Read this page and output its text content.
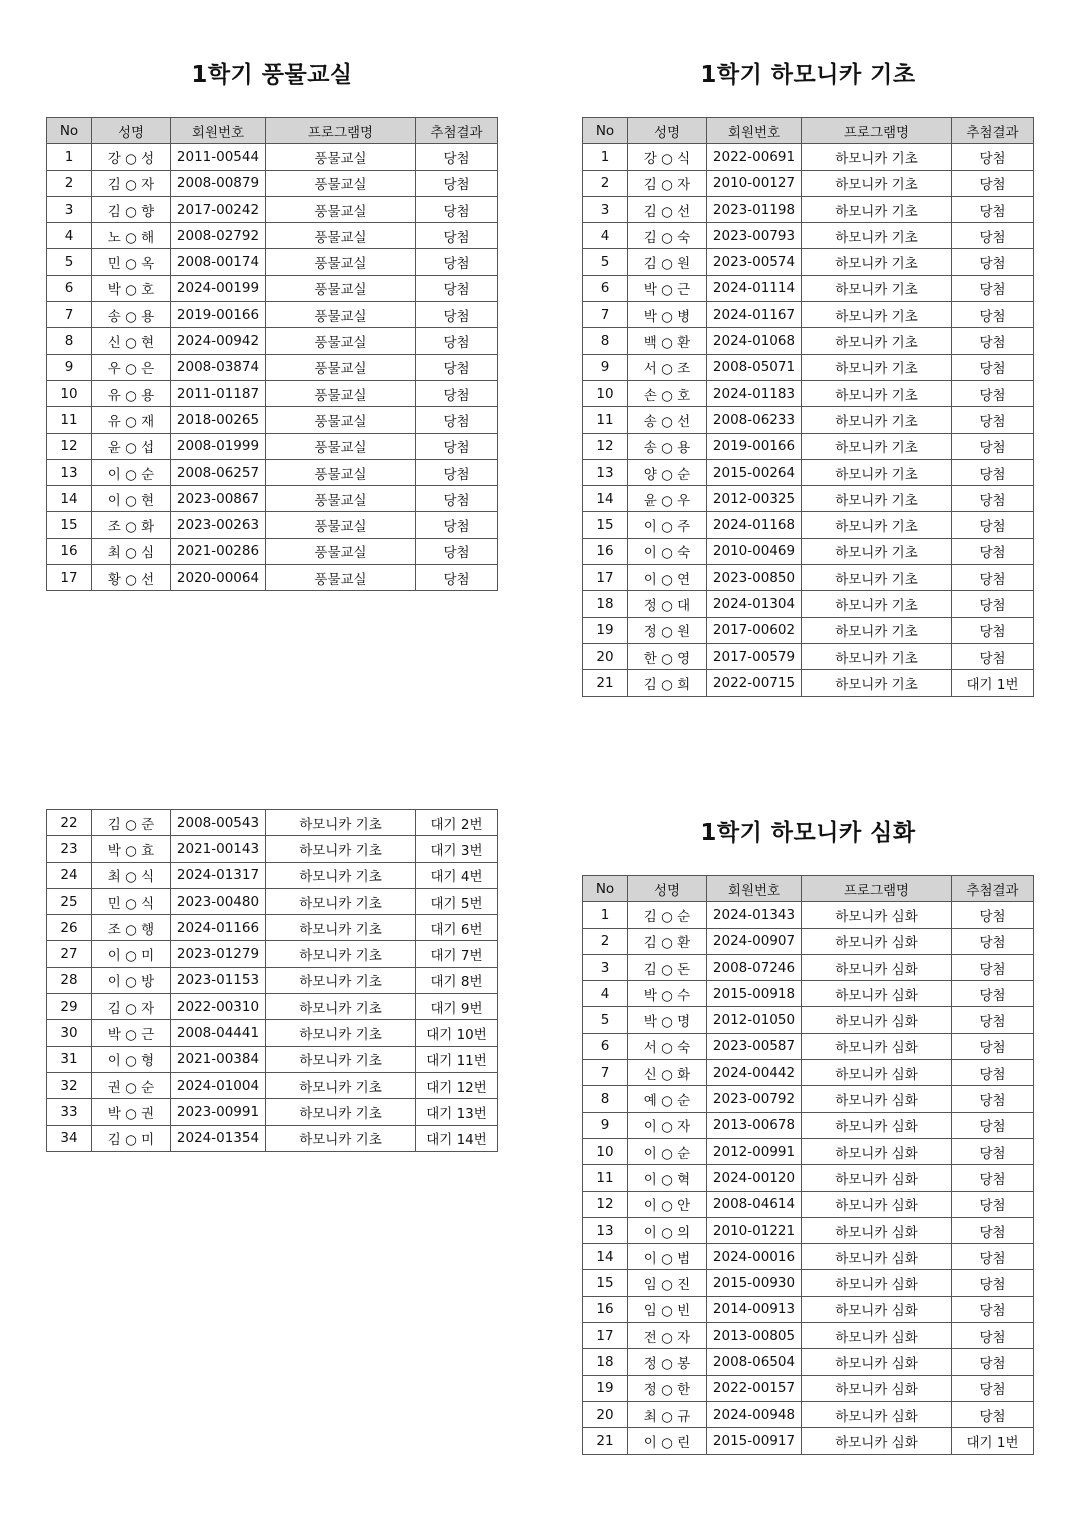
1학기 풍물교실
No	성명	회원번호	프로그램명	추첨결과
1	강 ○ 성	2011-00544	풍물교실	당첨
2	김 ○ 자	2008-00879	풍물교실	당첨
3	김 ○ 향	2017-00242	풍물교실	당첨
4	노 ○ 해	2008-02792	풍물교실	당첨
5	민 ○ 옥	2008-00174	풍물교실	당첨
6	박 ○ 호	2024-00199	풍물교실	당첨
7	송 ○ 용	2019-00166	풍물교실	당첨
8	신 ○ 현	2024-00942	풍물교실	당첨
9	우 ○ 은	2008-03874	풍물교실	당첨
10	유 ○ 용	2011-01187	풍물교실	당첨
11	유 ○ 재	2018-00265	풍물교실	당첨
12	윤 ○ 섭	2008-01999	풍물교실	당첨
13	이 ○ 순	2008-06257	풍물교실	당첨
14	이 ○ 현	2023-00867	풍물교실	당첨
15	조 ○ 화	2023-00263	풍물교실	당첨
16	최 ○ 심	2021-00286	풍물교실	당첨
17	황 ○ 선	2020-00064	풍물교실	당첨
1학기 하모니카 기초
No	성명	회원번호	프로그램명	추첨결과
1	강 ○ 식	2022-00691	하모니카 기초	당첨
2	김 ○ 자	2010-00127	하모니카 기초	당첨
3	김 ○ 선	2023-01198	하모니카 기초	당첨
4	김 ○ 숙	2023-00793	하모니카 기초	당첨
5	김 ○ 원	2023-00574	하모니카 기초	당첨
6	박 ○ 근	2024-01114	하모니카 기초	당첨
7	박 ○ 병	2024-01167	하모니카 기초	당첨
8	백 ○ 환	2024-01068	하모니카 기초	당첨
9	서 ○ 조	2008-05071	하모니카 기초	당첨
10	손 ○ 호	2024-01183	하모니카 기초	당첨
11	송 ○ 선	2008-06233	하모니카 기초	당첨
12	송 ○ 용	2019-00166	하모니카 기초	당첨
13	양 ○ 순	2015-00264	하모니카 기초	당첨
14	윤 ○ 우	2012-00325	하모니카 기초	당첨
15	이 ○ 주	2024-01168	하모니카 기초	당첨
16	이 ○ 숙	2010-00469	하모니카 기초	당첨
17	이 ○ 연	2023-00850	하모니카 기초	당첨
18	정 ○ 대	2024-01304	하모니카 기초	당첨
19	정 ○ 원	2017-00602	하모니카 기초	당첨
20	한 ○ 영	2017-00579	하모니카 기초	당첨
21	김 ○ 희	2022-00715	하모니카 기초	대기 1번
22	김 ○ 준	2008-00543	하모니카 기초	대기 2번
23	박 ○ 효	2021-00143	하모니카 기초	대기 3번
24	최 ○ 식	2024-01317	하모니카 기초	대기 4번
25	민 ○ 식	2023-00480	하모니카 기초	대기 5번
26	조 ○ 행	2024-01166	하모니카 기초	대기 6번
27	이 ○ 미	2023-01279	하모니카 기초	대기 7번
28	이 ○ 방	2023-01153	하모니카 기초	대기 8번
29	김 ○ 자	2022-00310	하모니카 기초	대기 9번
30	박 ○ 근	2008-04441	하모니카 기초	대기 10번
31	이 ○ 형	2021-00384	하모니카 기초	대기 11번
32	권 ○ 순	2024-01004	하모니카 기초	대기 12번
33	박 ○ 권	2023-00991	하모니카 기초	대기 13번
34	김 ○ 미	2024-01354	하모니카 기초	대기 14번
1학기 하모니카 심화
No	성명	회원번호	프로그램명	추첨결과
1	김 ○ 순	2024-01343	하모니카 심화	당첨
2	김 ○ 환	2024-00907	하모니카 심화	당첨
3	김 ○ 돈	2008-07246	하모니카 심화	당첨
4	박 ○ 수	2015-00918	하모니카 심화	당첨
5	박 ○ 명	2012-01050	하모니카 심화	당첨
6	서 ○ 숙	2023-00587	하모니카 심화	당첨
7	신 ○ 화	2024-00442	하모니카 심화	당첨
8	예 ○ 순	2023-00792	하모니카 심화	당첨
9	이 ○ 자	2013-00678	하모니카 심화	당첨
10	이 ○ 순	2012-00991	하모니카 심화	당첨
11	이 ○ 혁	2024-00120	하모니카 심화	당첨
12	이 ○ 안	2008-04614	하모니카 심화	당첨
13	이 ○ 의	2010-01221	하모니카 심화	당첨
14	이 ○ 범	2024-00016	하모니카 심화	당첨
15	임 ○ 진	2015-00930	하모니카 심화	당첨
16	임 ○ 빈	2014-00913	하모니카 심화	당첨
17	전 ○ 자	2013-00805	하모니카 심화	당첨
18	정 ○ 봉	2008-06504	하모니카 심화	당첨
19	정 ○ 한	2022-00157	하모니카 심화	당첨
20	최 ○ 규	2024-00948	하모니카 심화	당첨
21	이 ○ 린	2015-00917	하모니카 심화	대기 1번
